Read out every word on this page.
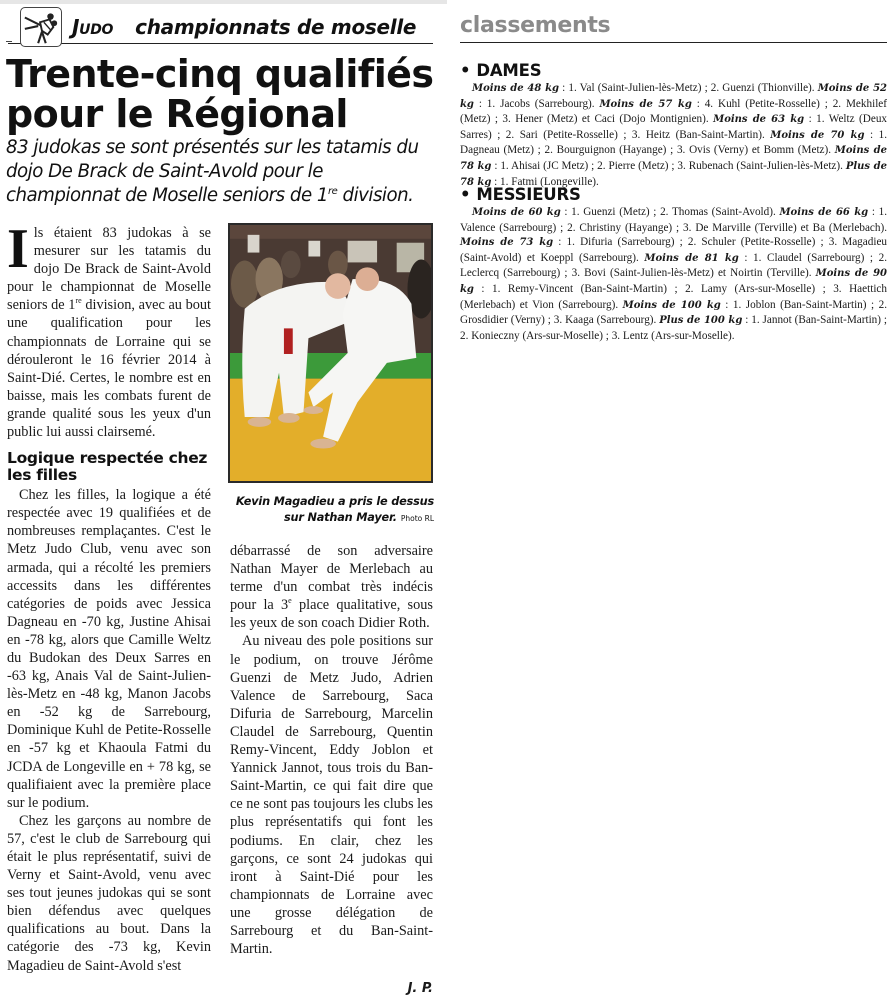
Judo championnats de moselle
Trente-cinq qualifiés pour le Régional
83 judokas se sont présentés sur les tatamis du dojo De Brack de Saint-Avold pour le championnat de Moselle seniors de 1re division.

Ils étaient 83 judokas à se mesurer sur les tatamis du dojo De Brack de Saint-Avold pour le championnat de Moselle seniors de 1re division, avec au bout une qualification pour les championnats de Lorraine qui se dérouleront le 16 février 2014 à Saint-Dié. Certes, le nombre est en baisse, mais les combats furent de grande qualité sous les yeux d'un public lui aussi clairsemé.

Logique respectée chez les filles

Chez les filles, la logique a été respectée avec 19 qualifiées et de nombreuses remplaçantes. C'est le Metz Judo Club, venu avec son armada, qui a récolté les premiers accessits dans les différentes catégories de poids avec Jessica Dagneau en -70 kg, Justine Ahisai en -78 kg, alors que Camille Weltz du Budokan des Deux Sarres en -63 kg, Anais Val de Saint-Julien-lès-Metz en -48 kg, Manon Jacobs en -52 kg de Sarrebourg, Dominique Kuhl de Petite-Rosselle en -57 kg et Khaoula Fatmi du JCDA de Longeville en + 78 kg, se qualifiaient avec la première place sur le podium.

Chez les garçons au nombre de 57, c'est le club de Sarrebourg qui était le plus représentatif, suivi de Verny et Saint-Avold, venu avec ses tout jeunes judokas qui se sont bien défendus avec quelques qualifications au bout. Dans la catégorie des -73 kg, Kevin Magadieu de Saint-Avold s'est

Kevin Magadieu a pris le dessus sur Nathan Mayer. Photo RL

débarrassé de son adversaire Nathan Mayer de Merlebach au terme d'un combat très indécis pour la 3e place qualitative, sous les yeux de son coach Didier Roth.

Au niveau des pole positions sur le podium, on trouve Jérôme Guenzi de Metz Judo, Adrien Valence de Sarrebourg, Saca Difuria de Sarrebourg, Marcelin Claudel de Sarrebourg, Quentin Remy-Vincent, Eddy Joblon et Yannick Jannot, tous trois du Ban-Saint-Martin, ce qui fait dire que ce ne sont pas toujours les clubs les plus représentatifs qui font les podiums. En clair, chez les garçons, ce sont 24 judokas qui iront à Saint-Dié pour les championnats de Lorraine avec une grosse délégation de Sarrebourg et du Ban-Saint-Martin.

J. P.
classements
• DAMES

Moins de 48 kg : 1. Val (Saint-Julien-lès-Metz) ; 2. Guenzi (Thionville). Moins de 52 kg : 1. Jacobs (Sarrebourg). Moins de 57 kg : 4. Kuhl (Petite-Rosselle) ; 2. Mekhilef (Metz) ; 3. Hener (Metz) et Caci (Dojo Montignien). Moins de 63 kg : 1. Weltz (Deux Sarres) ; 2. Sari (Petite-Rosselle) ; 3. Heitz (Ban-Saint-Martin). Moins de 70 kg : 1. Dagneau (Metz) ; 2. Bourguignon (Hayange) ; 3. Ovis (Verny) et Bomm (Metz). Moins de 78 kg : 1. Ahisai (JC Metz) ; 2. Pierre (Metz) ; 3. Rubenach (Saint-Julien-lès-Metz). Plus de 78 kg : 1. Fatmi (Longeville).

• MESSIEURS

Moins de 60 kg : 1. Guenzi (Metz) ; 2. Thomas (Saint-Avold). Moins de 66 kg : 1. Valence (Sarrebourg) ; 2. Christiny (Hayange) ; 3. De Marville (Terville) et Ba (Merlebach). Moins de 73 kg : 1. Difuria (Sarrebourg) ; 2. Schuler (Petite-Rosselle) ; 3. Magadieu (Saint-Avold) et Koeppl (Sarrebourg). Moins de 81 kg : 1. Claudel (Sarrebourg) ; 2. Leclercq (Sarrebourg) ; 3. Bovi (Saint-Julien-lès-Metz) et Noirtin (Terville). Moins de 90 kg : 1. Remy-Vincent (Ban-Saint-Martin) ; 2. Lamy (Ars-sur-Moselle) ; 3. Haettich (Merlebach) et Vion (Sarrebourg). Moins de 100 kg : 1. Joblon (Ban-Saint-Martin) ; 2. Grosdidier (Verny) ; 3. Kaaga (Sarrebourg). Plus de 100 kg : 1. Jannot (Ban-Saint-Martin) ; 2. Konieczny (Ars-sur-Moselle) ; 3. Lentz (Ars-sur-Moselle).
